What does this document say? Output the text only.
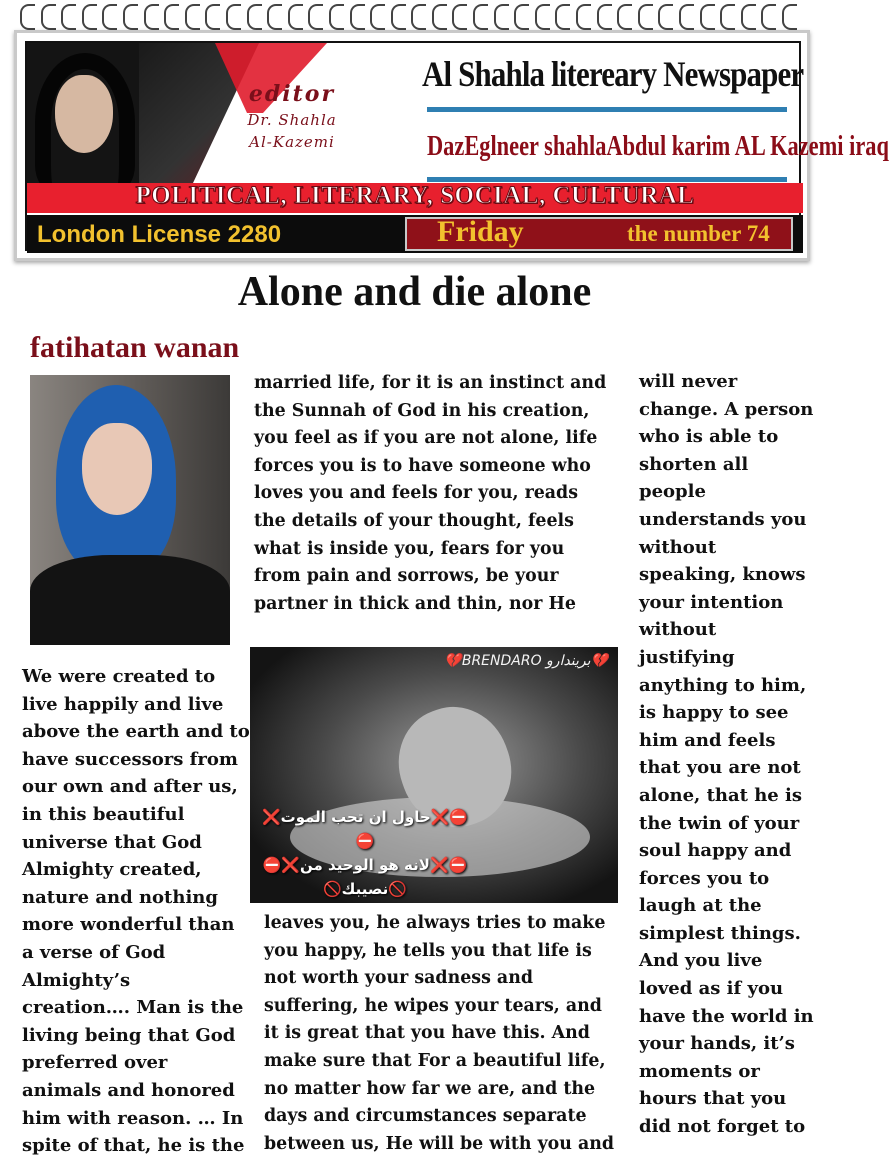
editor
Dr. Shahla
Al-Kazemi
Al Shahla litereary Newspaper
DazEglneer shahlaAbdul karim AL Kazemi iraq
POLITICAL, LITERARY, SOCIAL, CULTURAL
London License 2280	Friday	the number 74
Alone and die alone
fatihatan wanan
married life, for it is an instinct and
the Sunnah of God in his creation,
you feel as if you are not alone, life
forces you is to have someone who
loves you and feels for you, reads
the details of your thought, feels
what is inside you, fears for you
from pain and sorrows, be your
partner in thick and thin, nor He
💔BRENDARO بريندارو💔
⛔❌حاول ان تحب الموت❌⛔
⛔❌لانه هو الوحيد من❌⛔
🚫نصيبك🚫
We were created to
live happily and live
above the earth and to
have successors from
our own and after us,
in this beautiful
universe that God
Almighty created,
nature and nothing
more wonderful than
a verse of God
Almighty’s
creation…. Man is the
living being that God
preferred over
animals and honored
him with reason. … In
spite of that, he is the
leaves you, he always tries to make
you happy, he tells you that life is
not worth your sadness and
suffering, he wipes your tears, and
it is great that you have this. And
make sure that For a beautiful life,
no matter how far we are, and the
days and circumstances separate
between us, He will be with you and
will never
change. A person
who is able to
shorten all
people
understands you
without
speaking, knows
your intention
without
justifying
anything to him,
is happy to see
him and feels
that you are not
alone, that he is
the twin of your
soul happy and
forces you to
laugh at the
simplest things.
And you live
loved as if you
have the world in
your hands, it’s
moments or
hours that you
did not forget to
